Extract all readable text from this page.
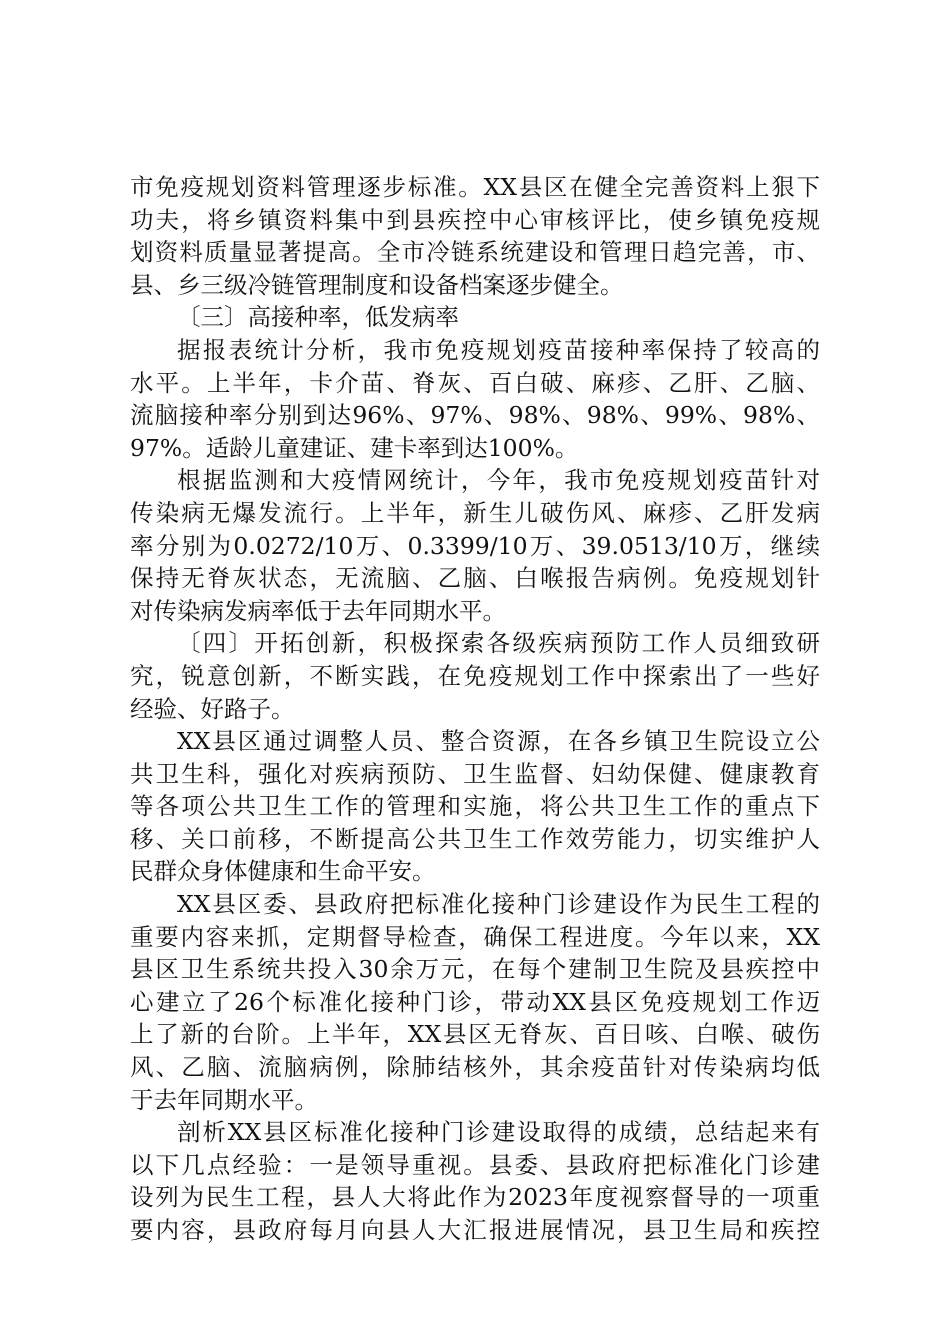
市免疫规划资料管理逐步标准。XX县区在健全完善资料上狠下
功夫，将乡镇资料集中到县疾控中心审核评比，使乡镇免疫规
划资料质量显著提高。全市冷链系统建设和管理日趋完善，市、
县、乡三级冷链管理制度和设备档案逐步健全。
〔三〕高接种率，低发病率
据报表统计分析，我市免疫规划疫苗接种率保持了较高的
水平。上半年，卡介苗、脊灰、百白破、麻疹、乙肝、乙脑、
流脑接种率分别到达96%、97%、98%、98%、99%、98%、
97%。适龄儿童建证、建卡率到达100%。
根据监测和大疫情网统计，今年，我市免疫规划疫苗针对
传染病无爆发流行。上半年，新生儿破伤风、麻疹、乙肝发病
率分别为0.0272/10万、0.3399/10万、39.0513/10万，继续
保持无脊灰状态，无流脑、乙脑、白喉报告病例。免疫规划针
对传染病发病率低于去年同期水平。
〔四〕开拓创新，积极探索各级疾病预防工作人员细致研
究，锐意创新，不断实践，在免疫规划工作中探索出了一些好
经验、好路子。
XX县区通过调整人员、整合资源，在各乡镇卫生院设立公
共卫生科，强化对疾病预防、卫生监督、妇幼保健、健康教育
等各项公共卫生工作的管理和实施，将公共卫生工作的重点下
移、关口前移，不断提高公共卫生工作效劳能力，切实维护人
民群众身体健康和生命平安。
XX县区委、县政府把标准化接种门诊建设作为民生工程的
重要内容来抓，定期督导检查，确保工程进度。今年以来，XX
县区卫生系统共投入30余万元，在每个建制卫生院及县疾控中
心建立了26个标准化接种门诊，带动XX县区免疫规划工作迈
上了新的台阶。上半年，XX县区无脊灰、百日咳、白喉、破伤
风、乙脑、流脑病例，除肺结核外，其余疫苗针对传染病均低
于去年同期水平。
剖析XX县区标准化接种门诊建设取得的成绩，总结起来有
以下几点经验：一是领导重视。县委、县政府把标准化门诊建
设列为民生工程，县人大将此作为2023年度视察督导的一项重
要内容，县政府每月向县人大汇报进展情况，县卫生局和疾控
